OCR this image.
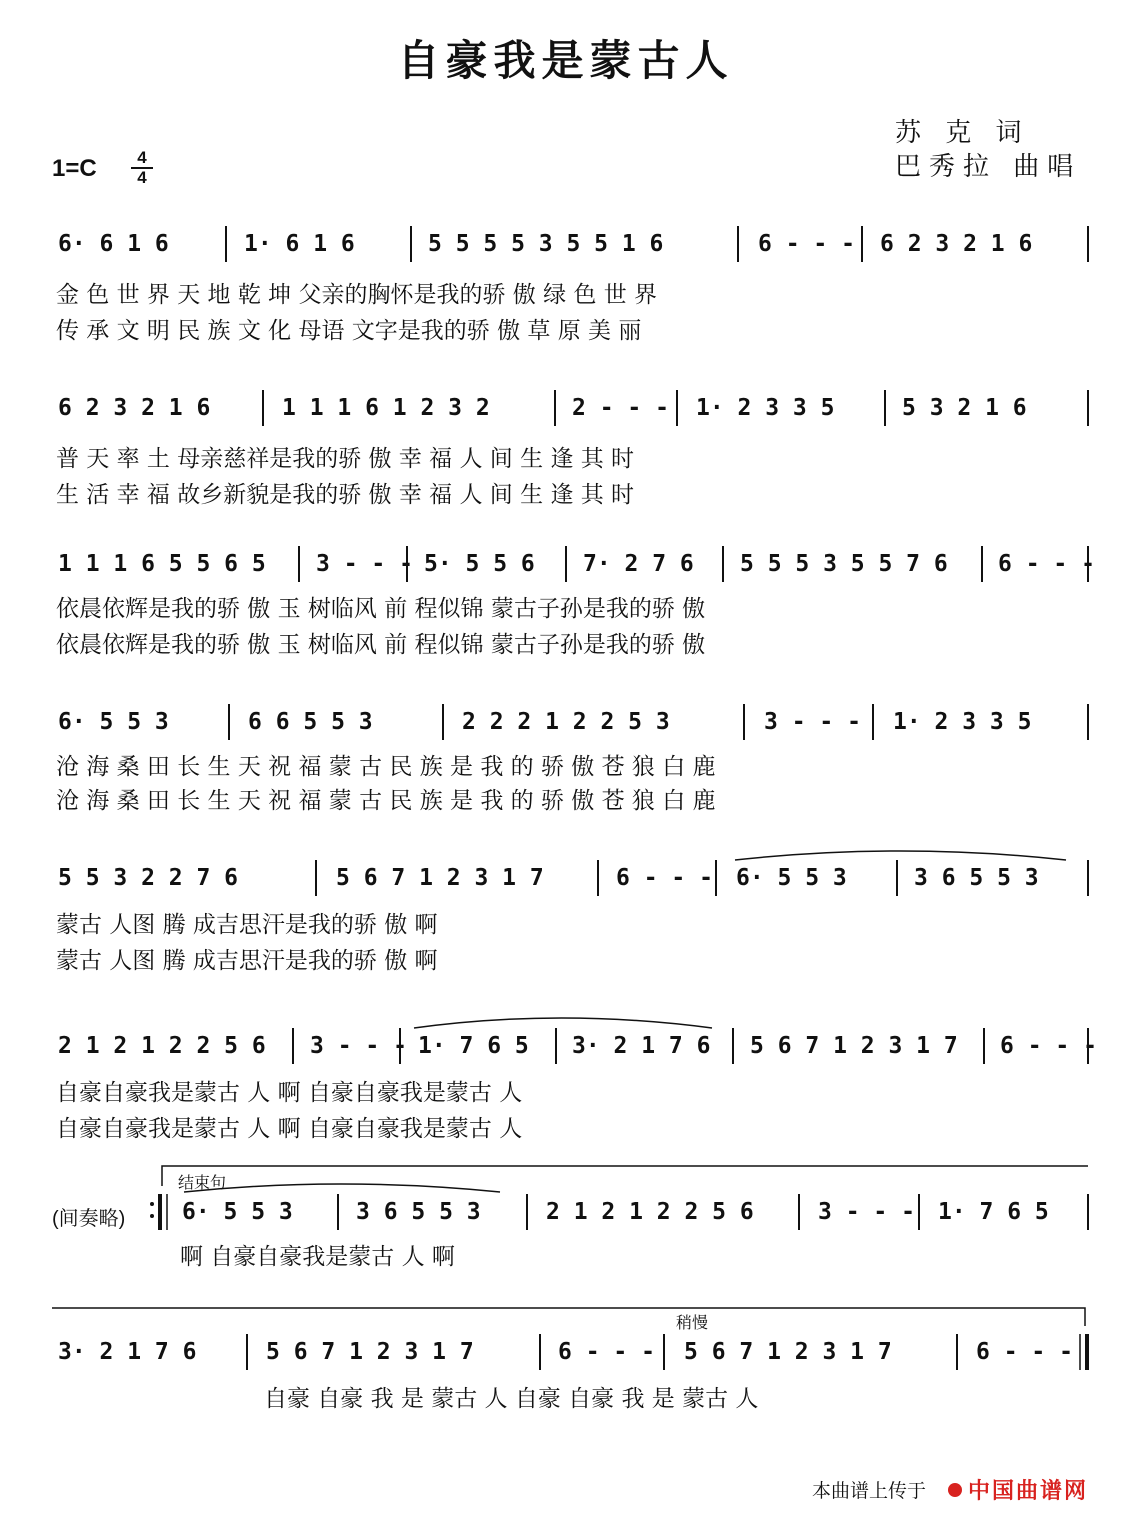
自豪我是蒙古人
苏 克 词
巴秀拉 曲唱
1=C	4
4
6· 6 1 6	1· 6 1 6	5 5 5 5 3 5 5 1 6	6 - - - 6 2 3 2 1 6
金 色 世 界 天 地 乾 坤 父亲的胸怀是我的骄 傲 绿 色 世 界
传 承 文 明 民 族 文 化 母语 文字是我的骄 傲 草 原 美 丽
6 2 3 2 1 6	1 1 1 6 1 2 3 2	2 - - - 1· 2 3 3 5	5 3 2 1 6
普 天 率 土 母亲慈祥是我的骄 傲 幸 福 人 间 生 逢 其 时
生 活 幸 福 故乡新貌是我的骄 傲 幸 福 人 间 生 逢 其 时
1 1 1 6 5 5 6 5 3 - - - 5· 5 5 6 7· 2 7 6 5 5 5 3 5 5 7 6 6 - - -
依晨依辉是我的骄 傲 玉 树临风 前 程似锦 蒙古子孙是我的骄 傲
依晨依辉是我的骄 傲 玉 树临风 前 程似锦 蒙古子孙是我的骄 傲
6· 5 5 3	6 6 5 5 3	2 2 2 1 2 2 5 3	3 - - - 1· 2 3 3 5
沧 海 桑 田 长 生 天 祝 福 蒙 古 民 族 是 我 的 骄 傲 苍 狼 白 鹿
沧 海 桑 田 长 生 天 祝 福 蒙 古 民 族 是 我 的 骄 傲 苍 狼 白 鹿
5 5 3 2 2 7 6	5 6 7 1 2 3 1 7	6 - - - 6· 5 5 3	3 6 5 5 3
蒙古 人图 腾 成吉思汗是我的骄 傲 啊
蒙古 人图 腾 成吉思汗是我的骄 傲 啊
2 1 2 1 2 2 5 6 3 - - - 1· 7 6 5 3· 2 1 7 6 5 6 7 1 2 3 1 7 6 - - -
自豪自豪我是蒙古 人 啊 自豪自豪我是蒙古 人
自豪自豪我是蒙古 人 啊 自豪自豪我是蒙古 人
结束句
(间奏略) 6· 5 5 3	3 6 5 5 3	2 1 2 1 2 2 5 6	3 - - - 1· 7 6 5
啊 自豪自豪我是蒙古 人 啊
稍慢
3· 2 1 7 6	5 6 7 1 2 3 1 7	6 - - - 5 6 7 1 2 3 1 7	6 - - -
自豪 自豪 我 是 蒙古 人 自豪 自豪 我 是 蒙古 人
本曲谱上传于 中国曲谱网
